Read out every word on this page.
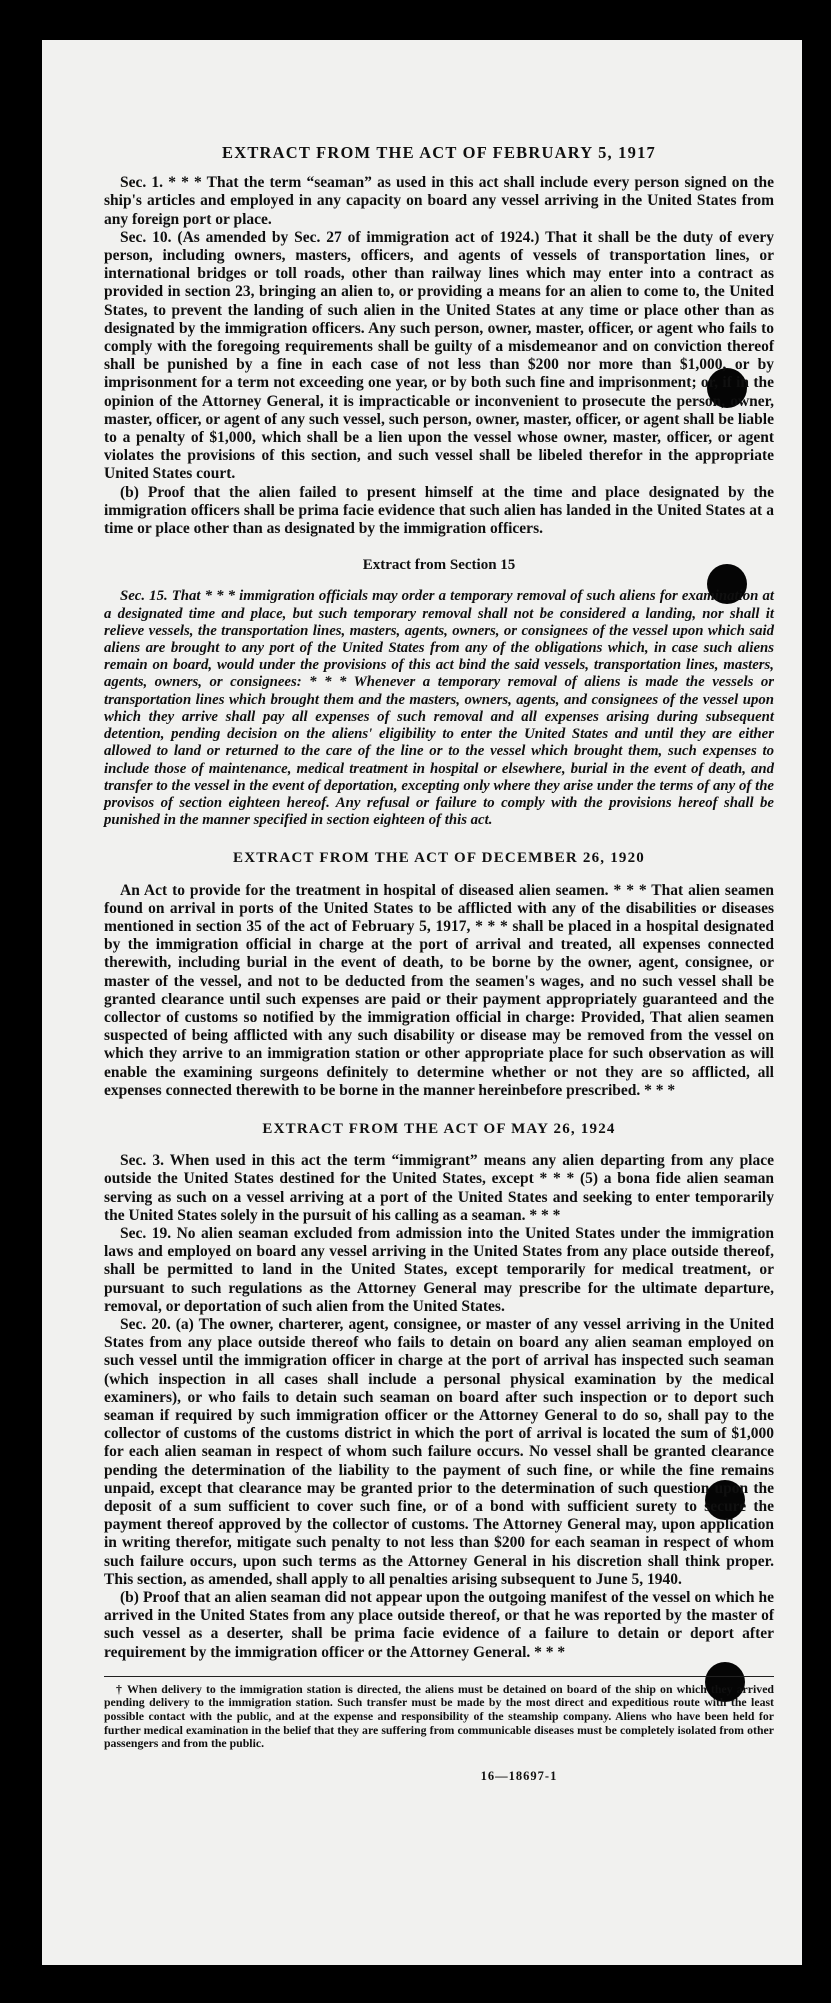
EXTRACT FROM THE ACT OF FEBRUARY 5, 1917

Sec. 1. * * * That the term “seaman” as used in this act shall include every person signed on the ship's articles and employed in any capacity on board any vessel arriving in the United States from any foreign port or place.

Sec. 10. (As amended by Sec. 27 of immigration act of 1924.) That it shall be the duty of every person, including owners, masters, officers, and agents of vessels of transportation lines, or international bridges or toll roads, other than railway lines which may enter into a contract as provided in section 23, bringing an alien to, or providing a means for an alien to come to, the United States, to prevent the landing of such alien in the United States at any time or place other than as designated by the immigration officers. Any such person, owner, master, officer, or agent who fails to comply with the foregoing requirements shall be guilty of a misdemeanor and on conviction thereof shall be punished by a fine in each case of not less than $200 nor more than $1,000, or by imprisonment for a term not exceeding one year, or by both such fine and imprisonment; or, if in the opinion of the Attorney General, it is impracticable or inconvenient to prosecute the person, owner, master, officer, or agent of any such vessel, such person, owner, master, officer, or agent shall be liable to a penalty of $1,000, which shall be a lien upon the vessel whose owner, master, officer, or agent violates the provisions of this section, and such vessel shall be libeled therefor in the appropriate United States court.

(b) Proof that the alien failed to present himself at the time and place designated by the immigration officers shall be prima facie evidence that such alien has landed in the United States at a time or place other than as designated by the immigration officers.

Extract from Section 15

Sec. 15. That * * * immigration officials may order a temporary removal of such aliens for examination at a designated time and place, but such temporary removal shall not be considered a landing, nor shall it relieve vessels, the transportation lines, masters, agents, owners, or consignees of the vessel upon which said aliens are brought to any port of the United States from any of the obligations which, in case such aliens remain on board, would under the provisions of this act bind the said vessels, transportation lines, masters, agents, owners, or consignees: * * * Whenever a temporary removal of aliens is made the vessels or transportation lines which brought them and the masters, owners, agents, and consignees of the vessel upon which they arrive shall pay all expenses of such removal and all expenses arising during subsequent detention, pending decision on the aliens' eligibility to enter the United States and until they are either allowed to land or returned to the care of the line or to the vessel which brought them, such expenses to include those of maintenance, medical treatment in hospital or elsewhere, burial in the event of death, and transfer to the vessel in the event of deportation, excepting only where they arise under the terms of any of the provisos of section eighteen hereof. Any refusal or failure to comply with the provisions hereof shall be punished in the manner specified in section eighteen of this act.

EXTRACT FROM THE ACT OF DECEMBER 26, 1920

An Act to provide for the treatment in hospital of diseased alien seamen. * * * That alien seamen found on arrival in ports of the United States to be afflicted with any of the disabilities or diseases mentioned in section 35 of the act of February 5, 1917, * * * shall be placed in a hospital designated by the immigration official in charge at the port of arrival and treated, all expenses connected therewith, including burial in the event of death, to be borne by the owner, agent, consignee, or master of the vessel, and not to be deducted from the seamen's wages, and no such vessel shall be granted clearance until such expenses are paid or their payment appropriately guaranteed and the collector of customs so notified by the immigration official in charge: Provided, That alien seamen suspected of being afflicted with any such disability or disease may be removed from the vessel on which they arrive to an immigration station or other appropriate place for such observation as will enable the examining surgeons definitely to determine whether or not they are so afflicted, all expenses connected therewith to be borne in the manner hereinbefore prescribed. * * *

EXTRACT FROM THE ACT OF MAY 26, 1924

Sec. 3. When used in this act the term “immigrant” means any alien departing from any place outside the United States destined for the United States, except * * * (5) a bona fide alien seaman serving as such on a vessel arriving at a port of the United States and seeking to enter temporarily the United States solely in the pursuit of his calling as a seaman. * * *

Sec. 19. No alien seaman excluded from admission into the United States under the immigration laws and employed on board any vessel arriving in the United States from any place outside thereof, shall be permitted to land in the United States, except temporarily for medical treatment, or pursuant to such regulations as the Attorney General may prescribe for the ultimate departure, removal, or deportation of such alien from the United States.

Sec. 20. (a) The owner, charterer, agent, consignee, or master of any vessel arriving in the United States from any place outside thereof who fails to detain on board any alien seaman employed on such vessel until the immigration officer in charge at the port of arrival has inspected such seaman (which inspection in all cases shall include a personal physical examination by the medical examiners), or who fails to detain such seaman on board after such inspection or to deport such seaman if required by such immigration officer or the Attorney General to do so, shall pay to the collector of customs of the customs district in which the port of arrival is located the sum of $1,000 for each alien seaman in respect of whom such failure occurs. No vessel shall be granted clearance pending the determination of the liability to the payment of such fine, or while the fine remains unpaid, except that clearance may be granted prior to the determination of such question upon the deposit of a sum sufficient to cover such fine, or of a bond with sufficient surety to secure the payment thereof approved by the collector of customs. The Attorney General may, upon application in writing therefor, mitigate such penalty to not less than $200 for each seaman in respect of whom such failure occurs, upon such terms as the Attorney General in his discretion shall think proper. This section, as amended, shall apply to all penalties arising subsequent to June 5, 1940.

(b) Proof that an alien seaman did not appear upon the outgoing manifest of the vessel on which he arrived in the United States from any place outside thereof, or that he was reported by the master of such vessel as a deserter, shall be prima facie evidence of a failure to detain or deport after requirement by the immigration officer or the Attorney General. * * *

† When delivery to the immigration station is directed, the aliens must be detained on board of the ship on which they arrived pending delivery to the immigration station. Such transfer must be made by the most direct and expeditious route with the least possible contact with the public, and at the expense and responsibility of the steamship company. Aliens who have been held for further medical examination in the belief that they are suffering from communicable diseases must be completely isolated from other passengers and from the public.

16—18697-1
